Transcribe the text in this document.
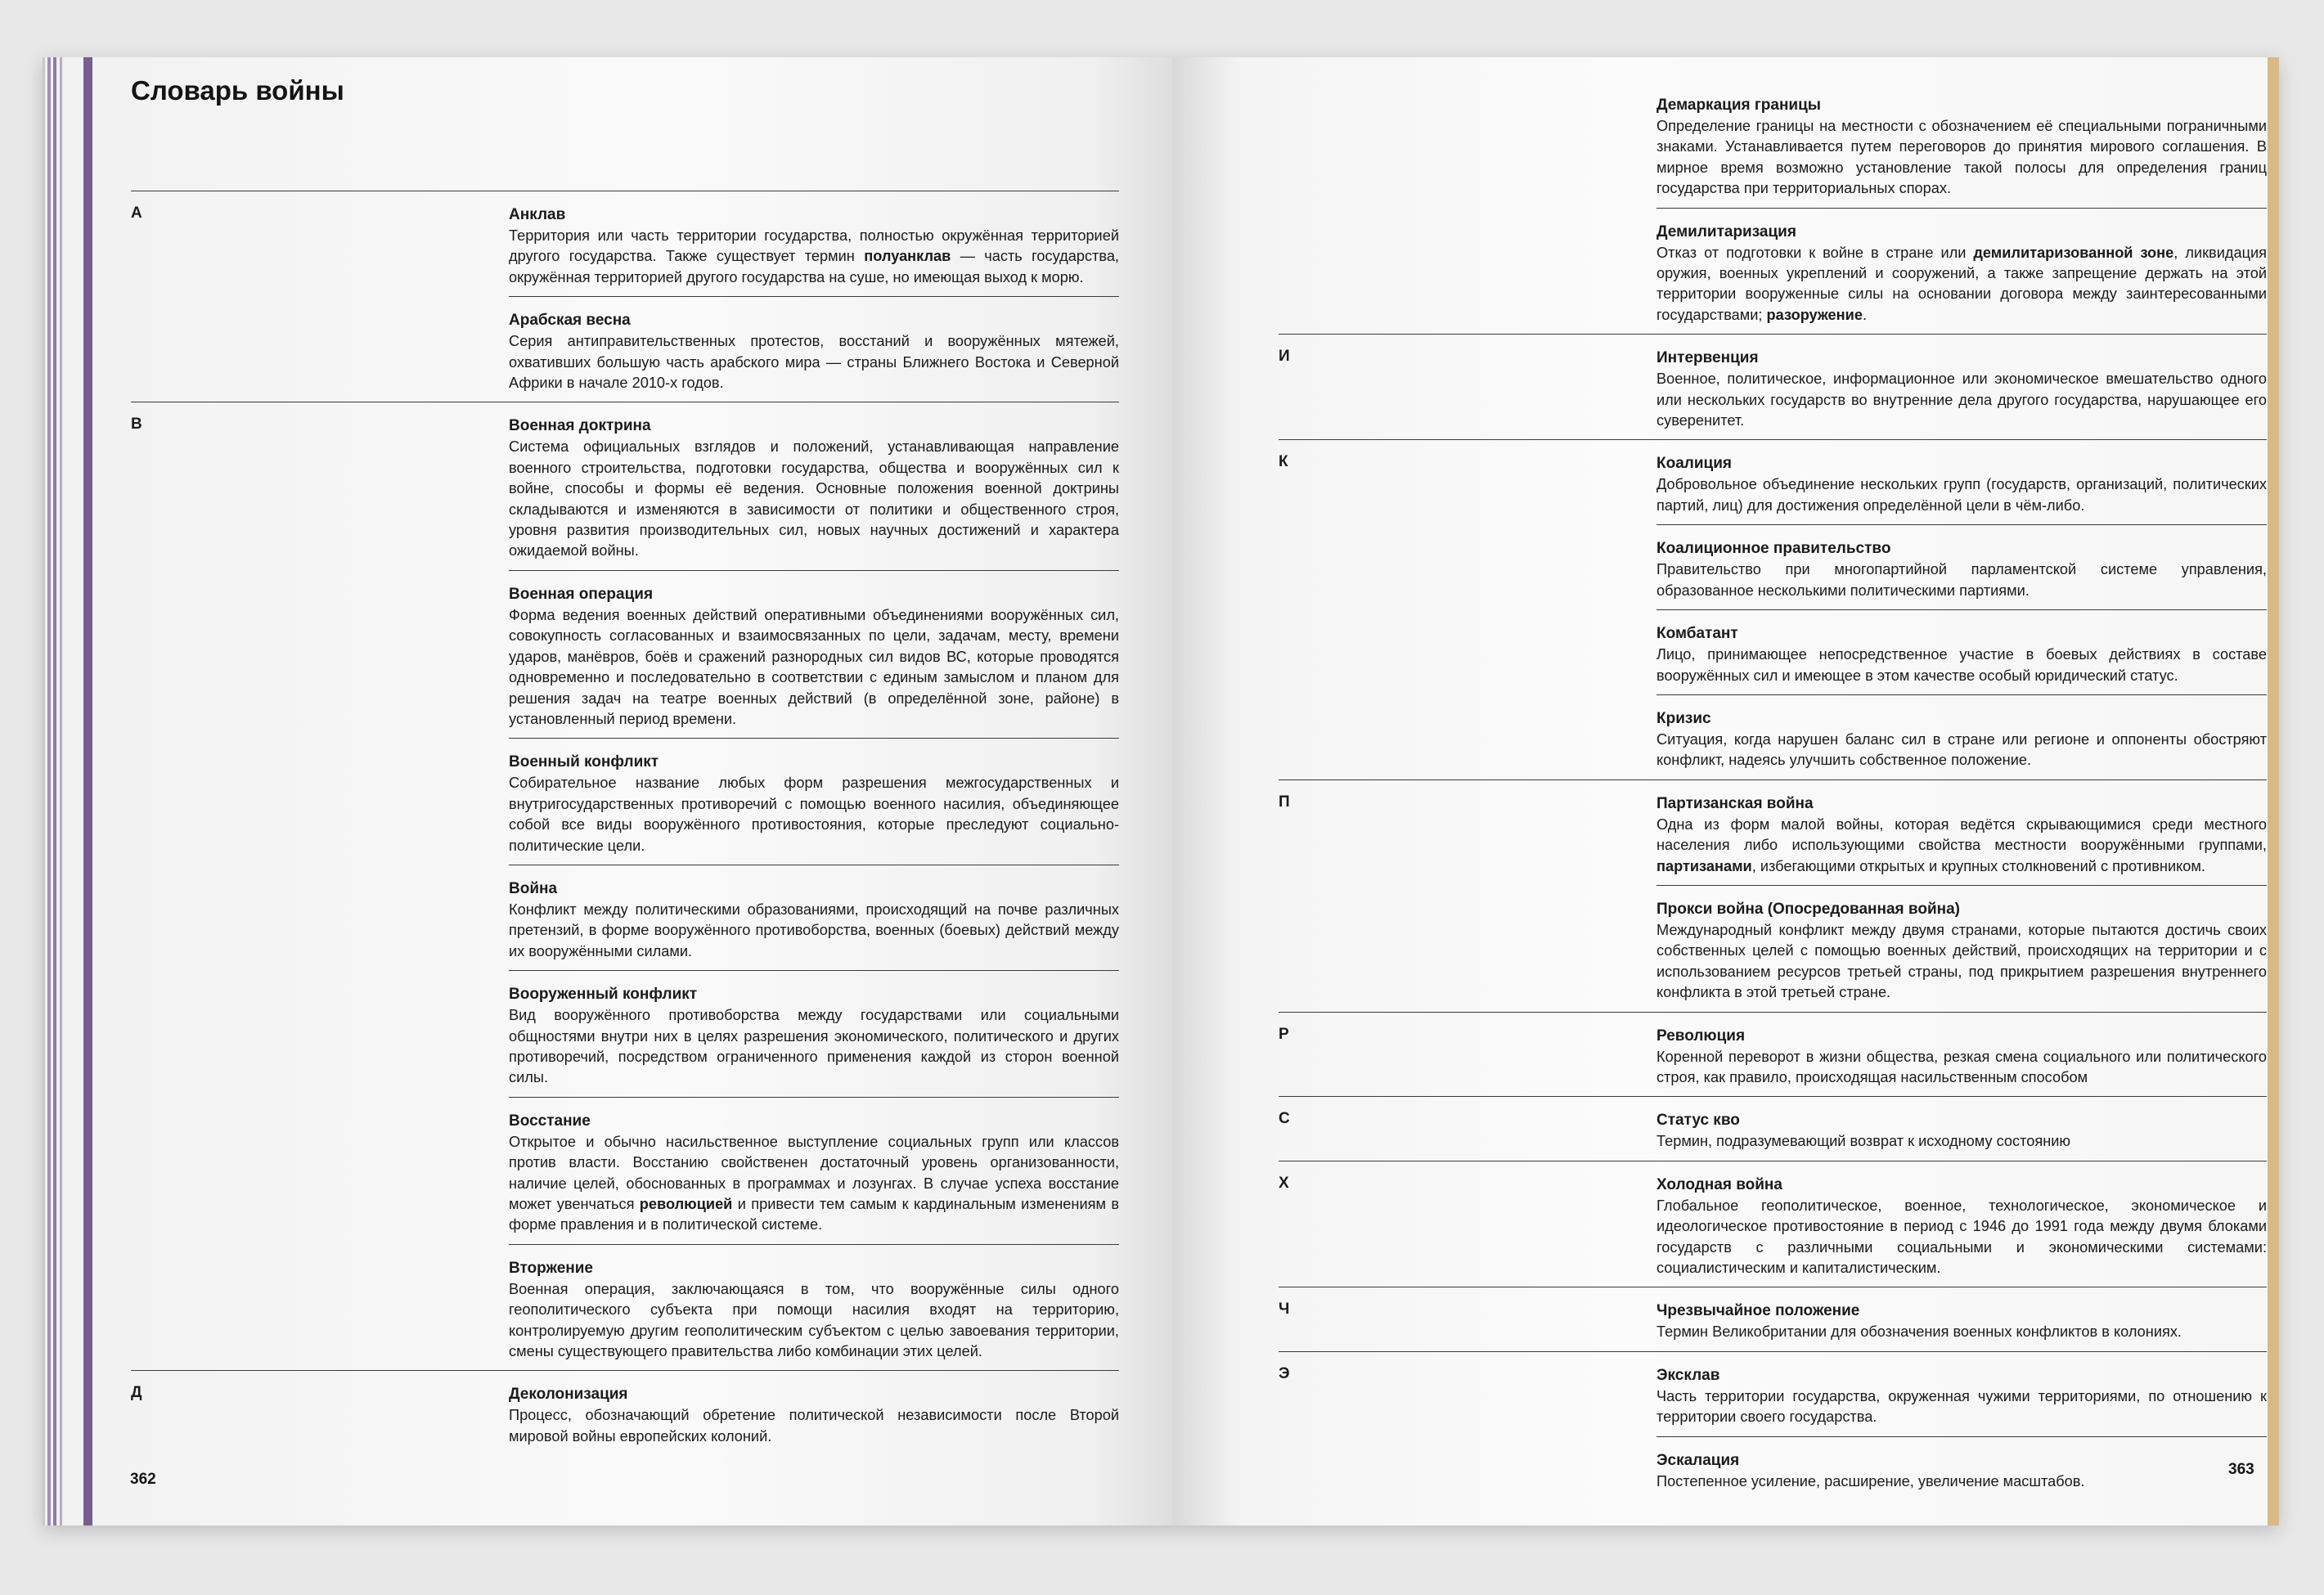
Словарь войны
А	Анклав
Территория или часть территории государства, полностью окружённая территорией другого государства. Также существует термин полуанклав — часть государства, окружённая территорией другого государства на суше, но имеющая выход к морю.
Арабская весна
Серия антиправительственных протестов, восстаний и вооружённых мятежей, охвативших большую часть арабского мира — страны Ближнего Востока и Северной Африки в начале 2010-х годов.
В	Военная доктрина
Система официальных взглядов и положений, устанавливающая направление военного строительства, подготовки государства, общества и вооружённых сил к войне, способы и формы её ведения. Основные положения военной доктрины складываются и изменяются в зависимости от политики и общественного строя, уровня развития производительных сил, новых научных достижений и характера ожидаемой войны.
Военная операция
Форма ведения военных действий оперативными объединениями вооружённых сил, совокупность согласованных и взаимосвязанных по цели, задачам, месту, времени ударов, манёвров, боёв и сражений разнородных сил видов ВС, которые проводятся одновременно и последовательно в соответствии с единым замыслом и планом для решения задач на театре военных действий (в определённой зоне, районе) в установленный период времени.
Военный конфликт
Собирательное название любых форм разрешения межгосударственных и внутригосударственных противоречий с помощью военного насилия, объединяющее собой все виды вооружённого противостояния, которые преследуют социально-политические цели.
Война
Конфликт между политическими образованиями, происходящий на почве различных претензий, в форме вооружённого противоборства, военных (боевых) действий между их вооружёнными силами.
Вооруженный конфликт
Вид вооружённого противоборства между государствами или социальными общностями внутри них в целях разрешения экономического, политического и других противоречий, посредством ограниченного применения каждой из сторон военной силы.
Восстание
Открытое и обычно насильственное выступление социальных групп или классов против власти. Восстанию свойственен достаточный уровень организованности, наличие целей, обоснованных в программах и лозунгах. В случае успеха восстание может увенчаться революцией и привести тем самым к кардинальным изменениям в форме правления и в политической системе.
Вторжение
Военная операция, заключающаяся в том, что вооружённые силы одного геополитического субъекта при помощи насилия входят на территорию, контролируемую другим геополитическим субъектом с целью завоевания территории, смены существующего правительства либо комбинации этих целей.
Д	Деколонизация
Процесс, обозначающий обретение политической независимости после Второй мировой войны европейских колоний.
362
Демаркация границы
Определение границы на местности с обозначением её специальными пограничными знаками. Устанавливается путем переговоров до принятия мирового соглашения. В мирное время возможно установление такой полосы для определения границ государства при территориальных спорах.
Демилитаризация
Отказ от подготовки к войне в стране или демилитаризованной зоне, ликвидация оружия, военных укреплений и сооружений, а также запрещение держать на этой территории вооруженные силы на основании договора между заинтересованными государствами; разоружение.
И	Интервенция
Военное, политическое, информационное или экономическое вмешательство одного или нескольких государств во внутренние дела другого государства, нарушающее его суверенитет.
К	Коалиция
Добровольное объединение нескольких групп (государств, организаций, политических партий, лиц) для достижения определённой цели в чём-либо.
Коалиционное правительство
Правительство при многопартийной парламентской системе управления, образованное несколькими политическими партиями.
Комбатант
Лицо, принимающее непосредственное участие в боевых действиях в составе вооружённых сил и имеющее в этом качестве особый юридический статус.
Кризис
Ситуация, когда нарушен баланс сил в стране или регионе и оппоненты обостряют конфликт, надеясь улучшить собственное положение.
П	Партизанская война
Одна из форм малой войны, которая ведётся скрывающимися среди местного населения либо использующими свойства местности вооружёнными группами, партизанами, избегающими открытых и крупных столкновений с противником.
Прокси война (Опосредованная война)
Международный конфликт между двумя странами, которые пытаются достичь своих собственных целей с помощью военных действий, происходящих на территории и с использованием ресурсов третьей страны, под прикрытием разрешения внутреннего конфликта в этой третьей стране.
Р	Революция
Коренной переворот в жизни общества, резкая смена социального или политического строя, как правило, происходящая насильственным способом
С	Статус кво
Термин, подразумевающий возврат к исходному состоянию
Х	Холодная война
Глобальное геополитическое, военное, технологическое, экономическое и идеологическое противостояние в период с 1946 до 1991 года между двумя блоками государств с различными социальными и экономическими системами: социалистическим и капиталистическим.
Ч	Чрезвычайное положение
Термин Великобритании для обозначения военных конфликтов в колониях.
Э	Эксклав
Часть территории государства, окруженная чужими территориями, по отношению к территории своего государства.
Эскалация
Постепенное усиление, расширение, увеличение масштабов.
363
